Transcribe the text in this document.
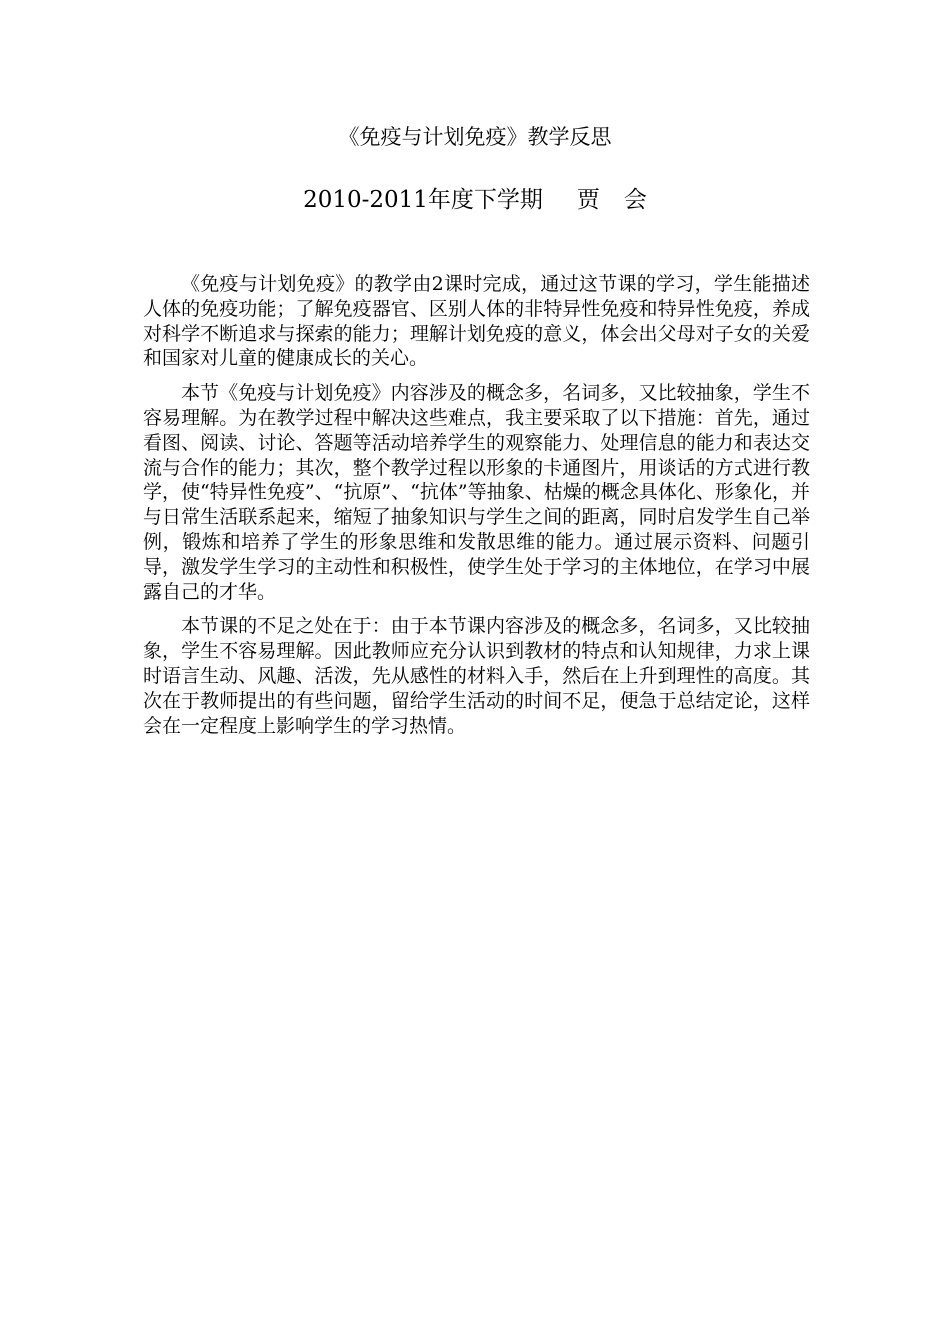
《免疫与计划免疫》教学反思
2010-2011年度下学期 贾会

《免疫与计划免疫》的教学由2课时完成，通过这节课的学习，学生能描述人体的免疫功能；了解免疫器官、区别人体的非特异性免疫和特异性免疫，养成对科学不断追求与探索的能力；理解计划免疫的意义，体会出父母对子女的关爱和国家对儿童的健康成长的关心。

本节《免疫与计划免疫》内容涉及的概念多，名词多，又比较抽象，学生不容易理解。为在教学过程中解决这些难点，我主要采取了以下措施：首先，通过看图、阅读、讨论、答题等活动培养学生的观察能力、处理信息的能力和表达交流与合作的能力；其次，整个教学过程以形象的卡通图片，用谈话的方式进行教学，使“特异性免疫”、“抗原”、“抗体”等抽象、枯燥的概念具体化、形象化，并与日常生活联系起来，缩短了抽象知识与学生之间的距离，同时启发学生自己举例，锻炼和培养了学生的形象思维和发散思维的能力。通过展示资料、问题引导，激发学生学习的主动性和积极性，使学生处于学习的主体地位，在学习中展露自己的才华。

本节课的不足之处在于：由于本节课内容涉及的概念多，名词多，又比较抽象，学生不容易理解。因此教师应充分认识到教材的特点和认知规律，力求上课时语言生动、风趣、活泼，先从感性的材料入手，然后在上升到理性的高度。其次在于教师提出的有些问题，留给学生活动的时间不足，便急于总结定论，这样会在一定程度上影响学生的学习热情。
